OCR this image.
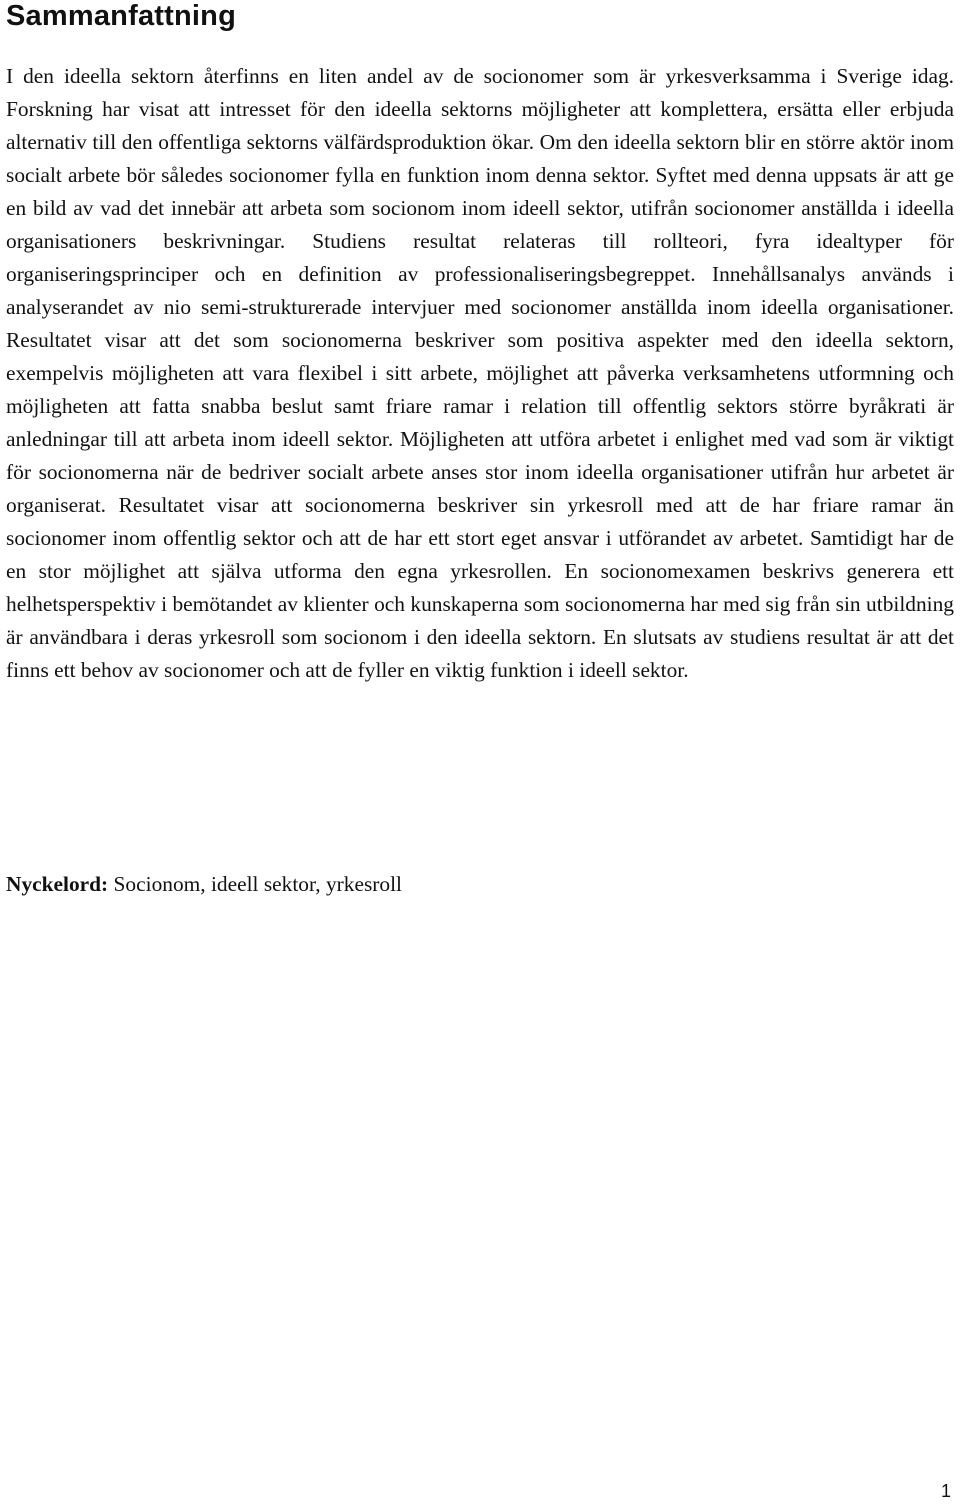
Sammanfattning

I den ideella sektorn återfinns en liten andel av de socionomer som är yrkesverksamma i Sverige idag. Forskning har visat att intresset för den ideella sektorns möjligheter att komplettera, ersätta eller erbjuda alternativ till den offentliga sektorns välfärdsproduktion ökar. Om den ideella sektorn blir en större aktör inom socialt arbete bör således socionomer fylla en funktion inom denna sektor. Syftet med denna uppsats är att ge en bild av vad det innebär att arbeta som socionom inom ideell sektor, utifrån socionomer anställda i ideella organisationers beskrivningar. Studiens resultat relateras till rollteori, fyra idealtyper för organiseringsprinciper och en definition av professionaliseringsbegreppet. Innehållsanalys används i analyserandet av nio semi-strukturerade intervjuer med socionomer anställda inom ideella organisationer. Resultatet visar att det som socionomerna beskriver som positiva aspekter med den ideella sektorn, exempelvis möjligheten att vara flexibel i sitt arbete, möjlighet att påverka verksamhetens utformning och möjligheten att fatta snabba beslut samt friare ramar i relation till offentlig sektors större byråkrati är anledningar till att arbeta inom ideell sektor. Möjligheten att utföra arbetet i enlighet med vad som är viktigt för socionomerna när de bedriver socialt arbete anses stor inom ideella organisationer utifrån hur arbetet är organiserat. Resultatet visar att socionomerna beskriver sin yrkesroll med att de har friare ramar än socionomer inom offentlig sektor och att de har ett stort eget ansvar i utförandet av arbetet. Samtidigt har de en stor möjlighet att själva utforma den egna yrkesrollen. En socionomexamen beskrivs generera ett helhetsperspektiv i bemötandet av klienter och kunskaperna som socionomerna har med sig från sin utbildning är användbara i deras yrkesroll som socionom i den ideella sektorn. En slutsats av studiens resultat är att det finns ett behov av socionomer och att de fyller en viktig funktion i ideell sektor.

Nyckelord: Socionom, ideell sektor, yrkesroll

1
